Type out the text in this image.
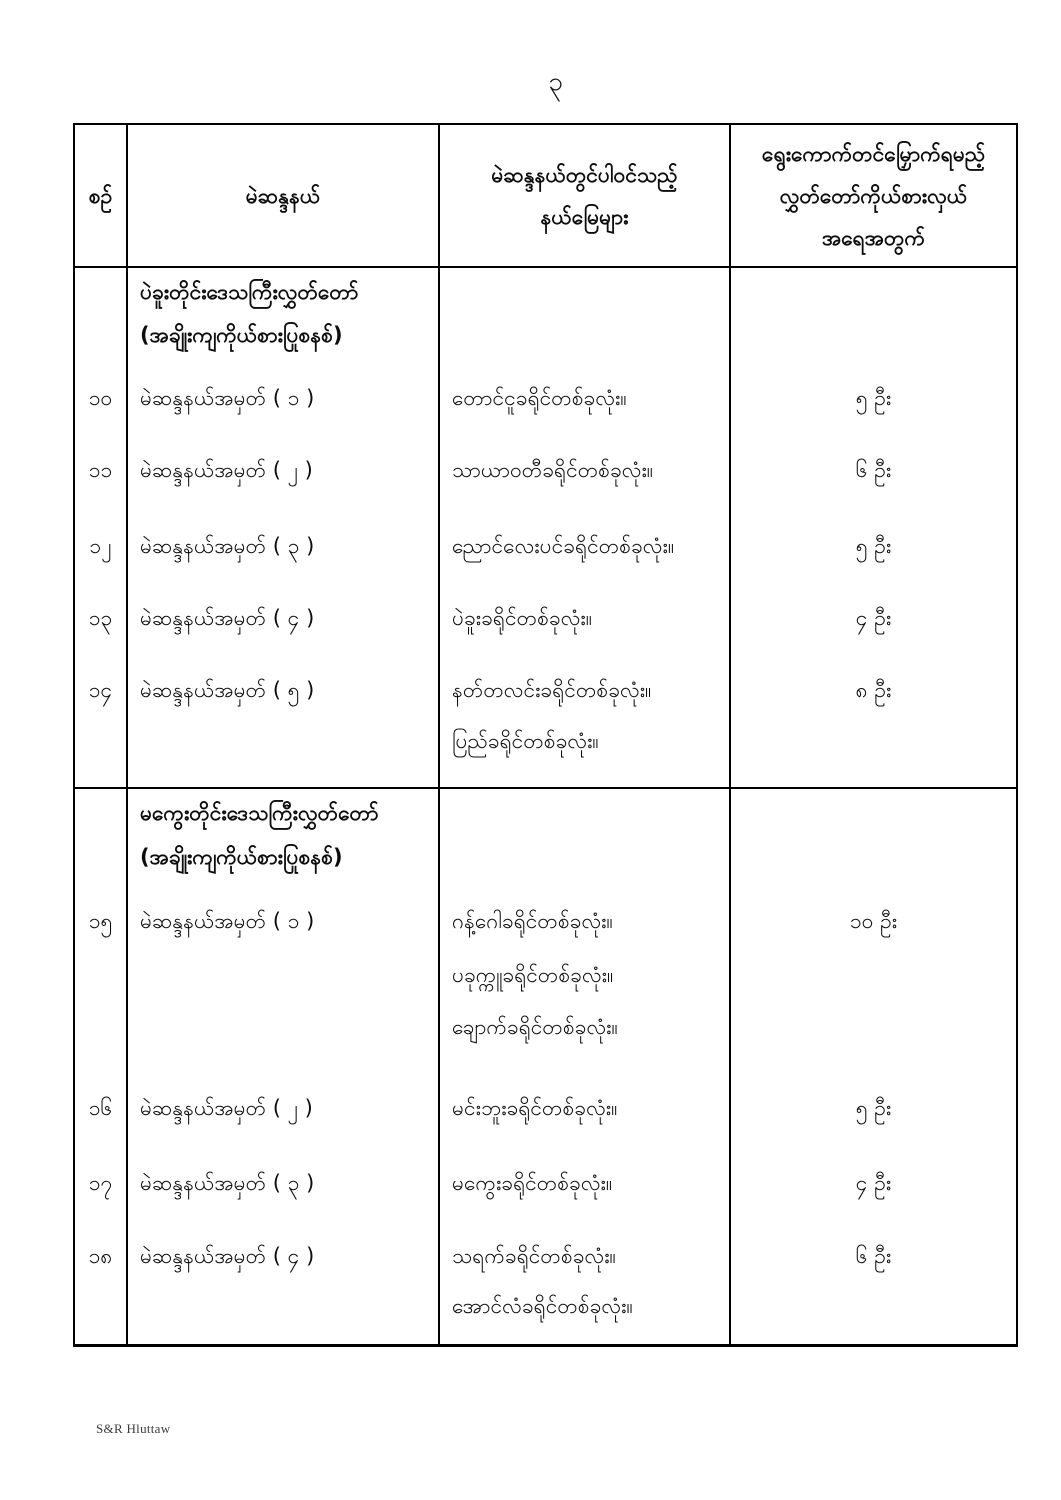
၃
စဉ်	မဲဆန္ဒနယ်
မဲဆန္ဒနယ်တွင်ပါဝင်သည့်
နယ်မြေများ
ရွေးကောက်တင်မြှောက်ရမည့်
လွှတ်တော်ကိုယ်စားလှယ်
အရေအတွက်
၁၀
၁၁
၁၂
၁၃
၁၄
ပဲခူးတိုင်းဒေသကြီးလွှတ်တော်
(အချိုးကျကိုယ်စားပြုစနစ်)
မဲဆန္ဒနယ်အမှတ် ( ၁ )
မဲဆန္ဒနယ်အမှတ် ( ၂ )
မဲဆန္ဒနယ်အမှတ် ( ၃ )
မဲဆန္ဒနယ်အမှတ် ( ၄ )
မဲဆန္ဒနယ်အမှတ် ( ၅ )
တောင်ငူခရိုင်တစ်ခုလုံး။
သာယာဝတီခရိုင်တစ်ခုလုံး။
ညောင်လေးပင်ခရိုင်တစ်ခုလုံး။
ပဲခူးခရိုင်တစ်ခုလုံး။
နတ်တလင်းခရိုင်တစ်ခုလုံး။
ပြည်ခရိုင်တစ်ခုလုံး။
၅ ဦး
၆ ဦး
၅ ဦး
၄ ဦး
၈ ဦး
၁၅
၁၆
၁၇
၁၈
မကွေးတိုင်းဒေသကြီးလွှတ်တော်
(အချိုးကျကိုယ်စားပြုစနစ်)
မဲဆန္ဒနယ်အမှတ် ( ၁ )
မဲဆန္ဒနယ်အမှတ် ( ၂ )
မဲဆန္ဒနယ်အမှတ် ( ၃ )
မဲဆန္ဒနယ်အမှတ် ( ၄ )
ဂန့်ဂေါခရိုင်တစ်ခုလုံး။
ပခုက္ကူခရိုင်တစ်ခုလုံး။
ချောက်ခရိုင်တစ်ခုလုံး။
မင်းဘူးခရိုင်တစ်ခုလုံး။
မကွေးခရိုင်တစ်ခုလုံး။
သရက်ခရိုင်တစ်ခုလုံး။
အောင်လံခရိုင်တစ်ခုလုံး။
၁၀ ဦး
၅ ဦး
၄ ဦး
၆ ဦး
S&R Hluttaw
